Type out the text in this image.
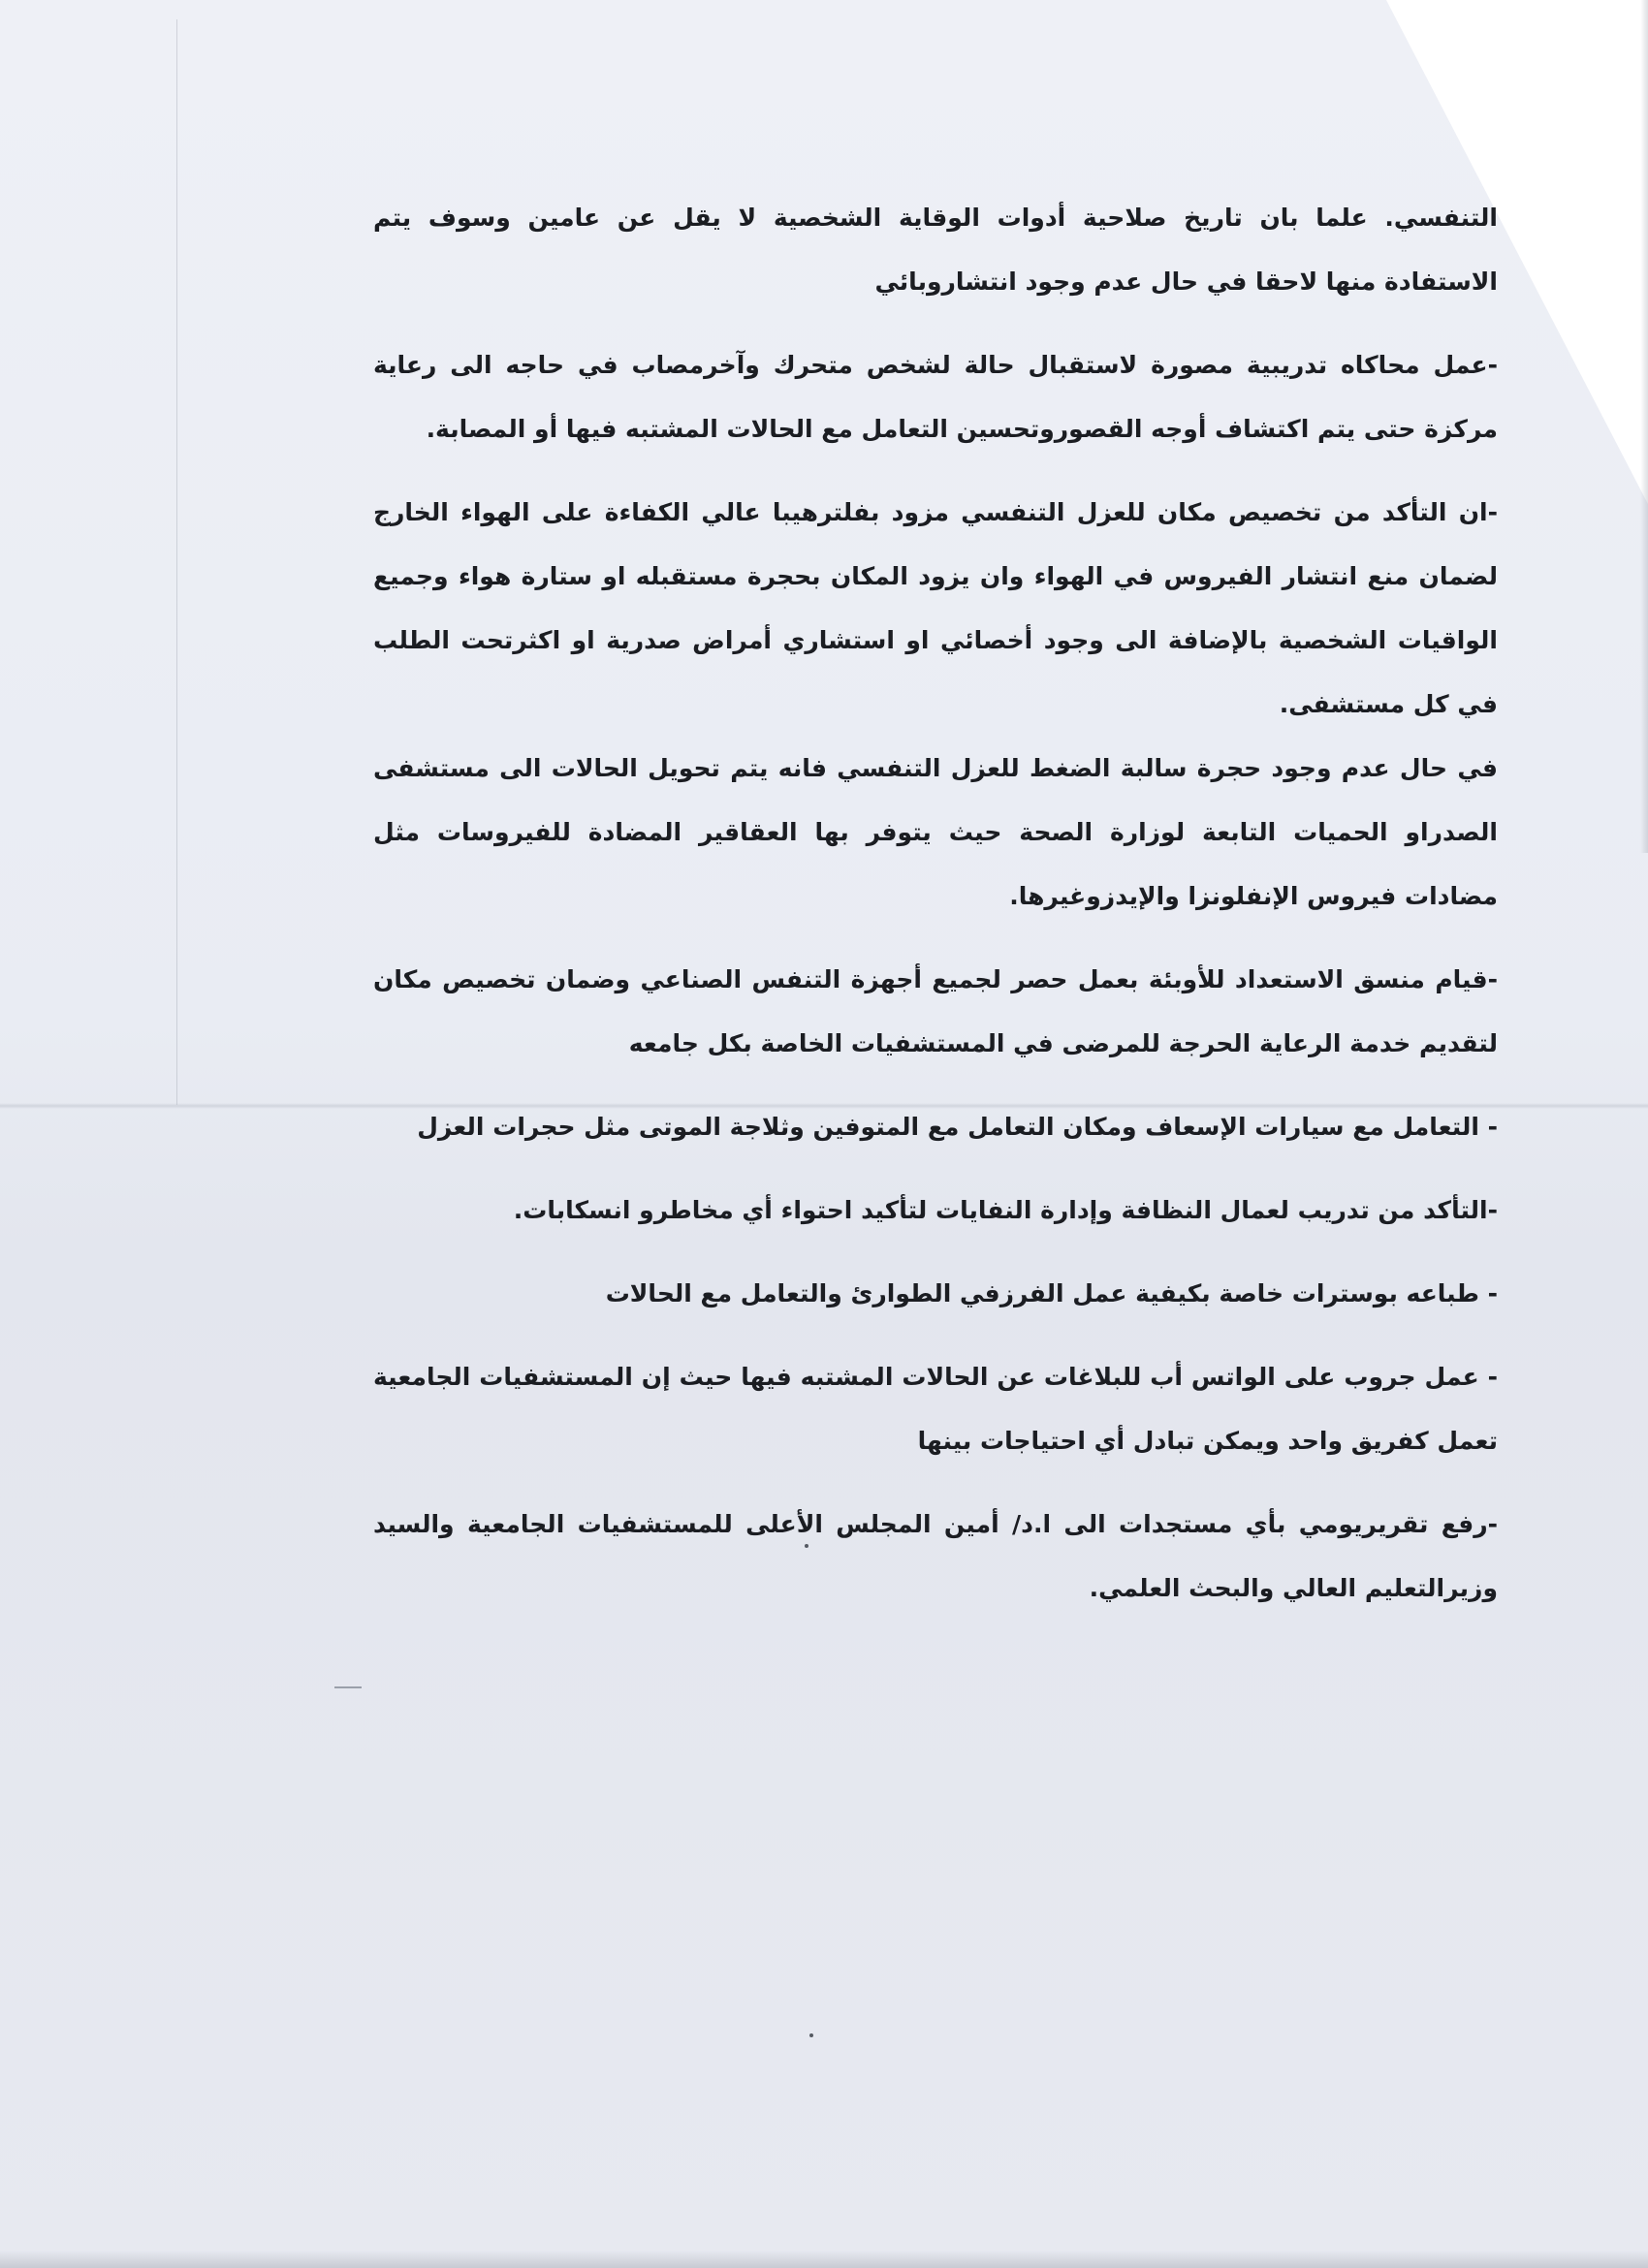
التنفسي. علما بان تاريخ صلاحية أدوات الوقاية الشخصية لا يقل عن عامين وسوف يتم الاستفادة منها لاحقا في حال عدم وجود انتشاروبائي

-عمل محاكاه تدريبية مصورة لاستقبال حالة لشخص متحرك وآخرمصاب في حاجه الى رعاية مركزة حتى يتم اكتشاف أوجه القصوروتحسين التعامل مع الحالات المشتبه فيها أو المصابة.

-ان التأكد من تخصيص مكان للعزل التنفسي مزود بفلترهيبا عالي الكفاءة على الهواء الخارج لضمان منع انتشار الفيروس في الهواء وان يزود المكان بحجرة مستقبله او ستارة هواء وجميع الواقيات الشخصية بالإضافة الى وجود أخصائي او استشاري أمراض صدرية او اكثرتحت الطلب في كل مستشفى.

في حال عدم وجود حجرة سالبة الضغط للعزل التنفسي فانه يتم تحويل الحالات الى مستشفى الصدراو الحميات التابعة لوزارة الصحة حيث يتوفر بها العقاقير المضادة للفيروسات مثل مضادات فيروس الإنفلونزا والإيدزوغيرها.

-قيام منسق الاستعداد للأوبئة بعمل حصر لجميع أجهزة التنفس الصناعي وضمان تخصيص مكان لتقديم خدمة الرعاية الحرجة للمرضى في المستشفيات الخاصة بكل جامعه

- التعامل مع سيارات الإسعاف ومكان التعامل مع المتوفين وثلاجة الموتى مثل حجرات العزل

-التأكد من تدريب لعمال النظافة وإدارة النفايات لتأكيد احتواء أي مخاطرو انسكابات.

- طباعه بوسترات خاصة بكيفية عمل الفرزفي الطوارئ والتعامل مع الحالات

- عمل جروب على الواتس أب للبلاغات عن الحالات المشتبه فيها حيث إن المستشفيات الجامعية تعمل كفريق واحد ويمكن تبادل أي احتياجات بينها

-رفع تقريريومي بأي مستجدات الى ا.د/ أمين المجلس الأعلى للمستشفيات الجامعية والسيد وزيرالتعليم العالي والبحث العلمي.
